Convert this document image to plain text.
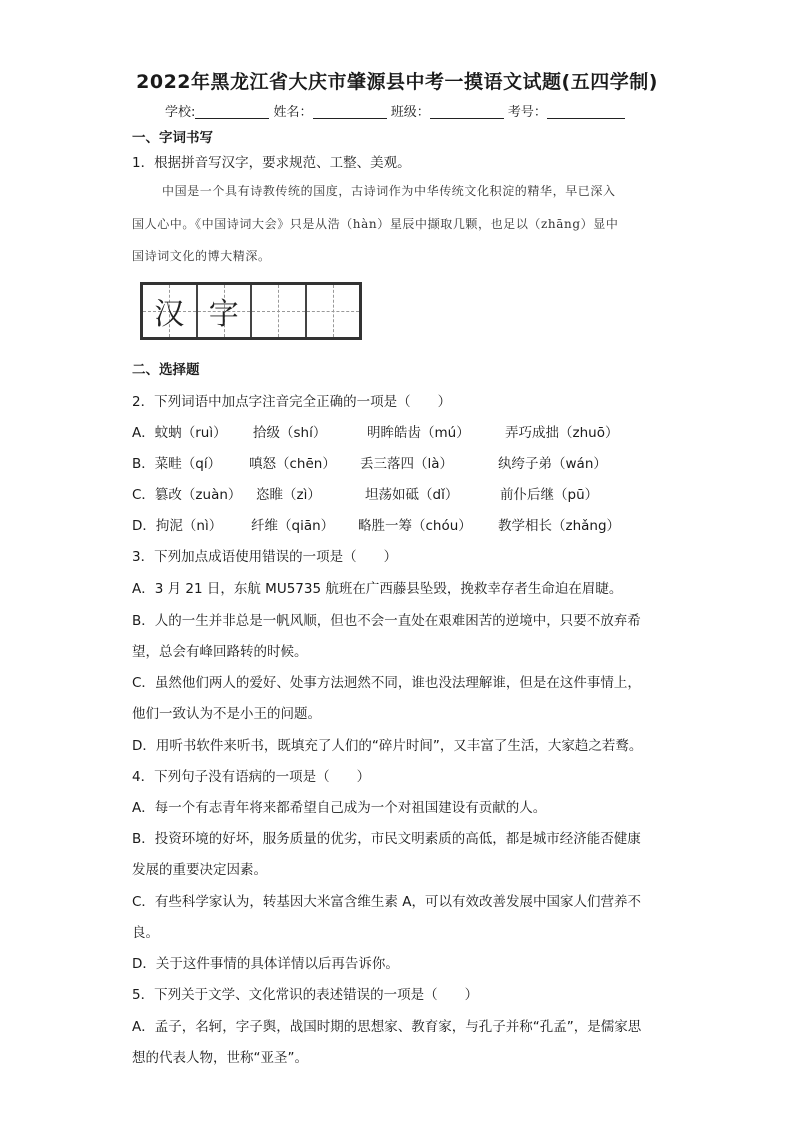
2022年黑龙江省大庆市肇源县中考一摸语文试题(五四学制)
学校:	姓名：	班级：	考号：
一、字词书写
1．根据拼音写汉字，要求规范、工整、美观。
中国是一个具有诗教传统的国度，古诗词作为中华传统文化积淀的精华，早已深入
国人心中。《中国诗词大会》只是从浩（hàn）星辰中撷取几颗，也足以（zhāng）显中
国诗词文化的博大精深。
汉 字
二、选择题
2．下列词语中加点字注音完全正确的一项是（　　）
A．蚊蚋（ruì） 拾级（shí）	明眸皓齿（mú）	弄巧成拙（zhuō）
B．菜畦（qí） 嗔怒（chēn） 丢三落四（là）	纨绔子弟（wán）
C．篡改（zuàn） 恣睢（zì）	坦荡如砥（dǐ）	前仆后继（pū）
D．拘泥（nì） 纤维（qiān） 略胜一筹（chóu） 教学相长（zhǎng）
3．下列加点成语使用错误的一项是（　　）
A．3 月 21 日，东航 MU5735 航班在广西藤县坠毁，挽救幸存者生命迫在眉睫。
B．人的一生并非总是一帆风顺，但也不会一直处在艰难困苦的逆境中，只要不放弃希
望，总会有峰回路转的时候。
C．虽然他们两人的爱好、处事方法迥然不同，谁也没法理解谁，但是在这件事情上，
他们一致认为不是小王的问题。
D．用听书软件来听书，既填充了人们的“碎片时间”，又丰富了生活，大家趋之若鹜。
4．下列句子没有语病的一项是（　　）
A．每一个有志青年将来都希望自己成为一个对祖国建设有贡献的人。
B．投资环境的好坏，服务质量的优劣，市民文明素质的高低，都是城市经济能否健康
发展的重要决定因素。
C．有些科学家认为，转基因大米富含维生素 A，可以有效改善发展中国家人们营养不
良。
D．关于这件事情的具体详情以后再告诉你。
5．下列关于文学、文化常识的表述错误的一项是（　　）
A．孟子，名轲，字子舆，战国时期的思想家、教育家，与孔子并称“孔孟”，是儒家思
想的代表人物，世称“亚圣”。
